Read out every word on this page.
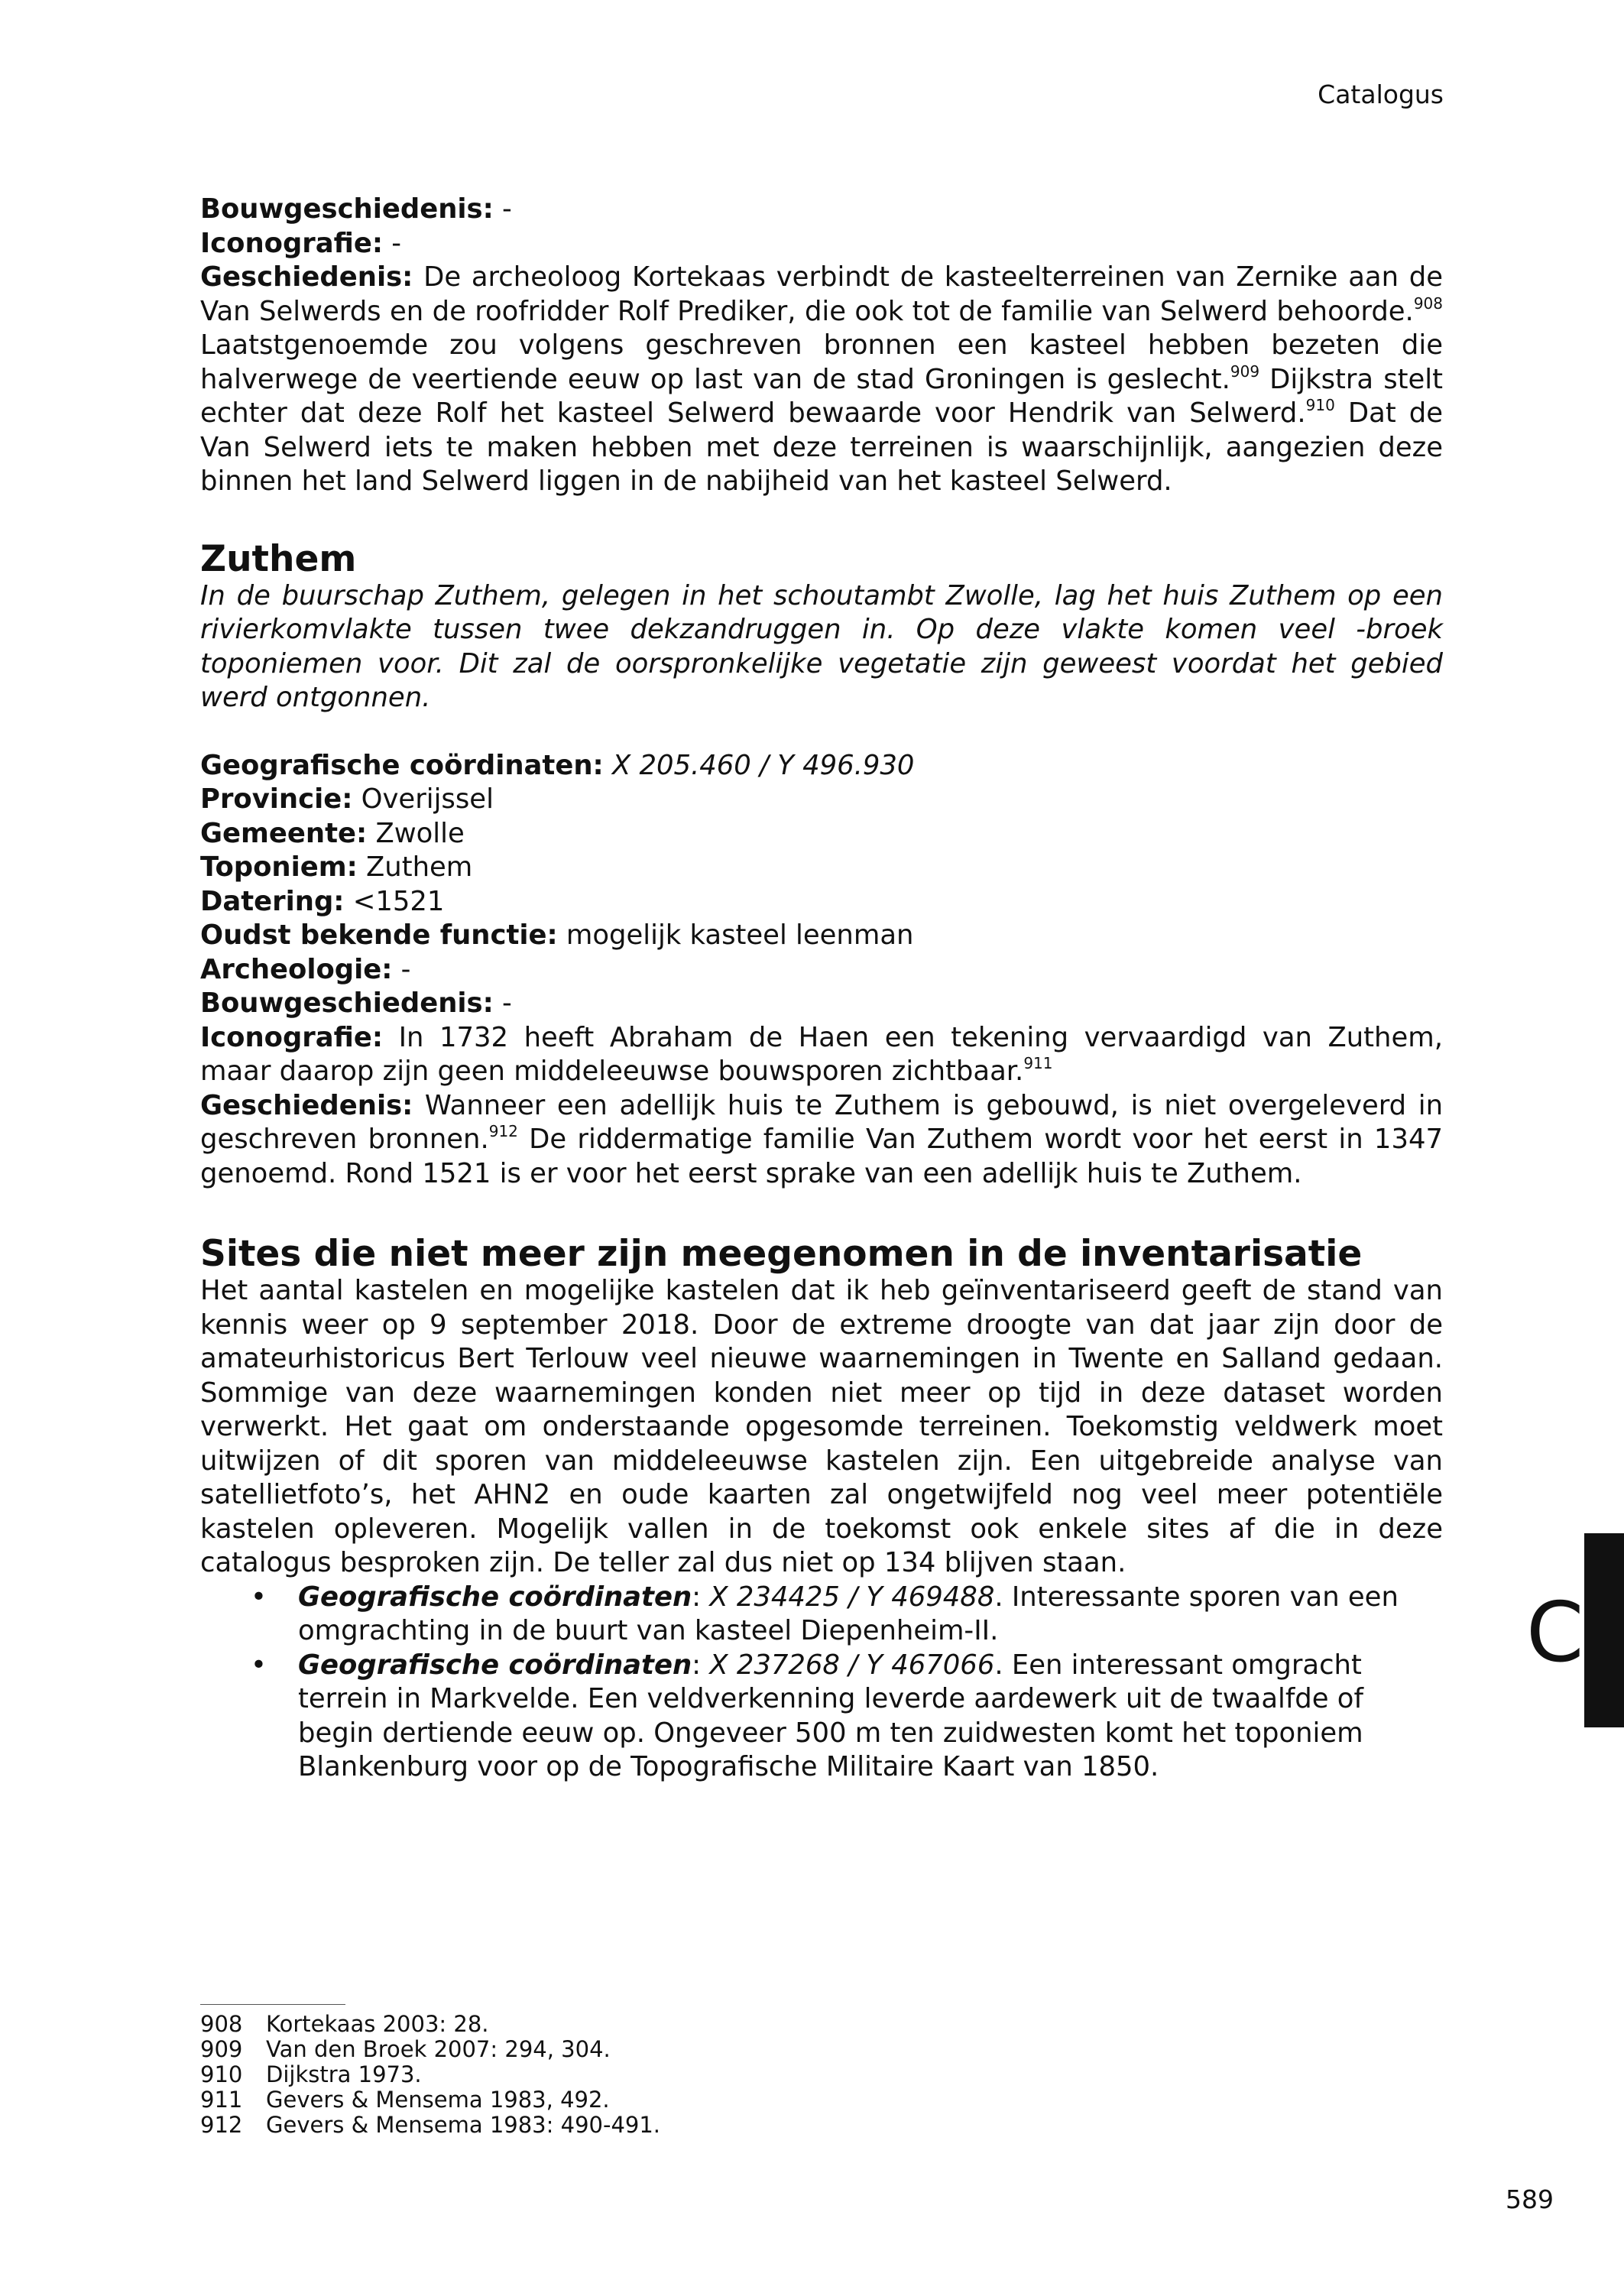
Catalogus

Bouwgeschiedenis: -

Iconografie: -

Geschiedenis: De archeoloog Kortekaas verbindt de kasteelterreinen van Zernike aan de Van Selwerds en de roofridder Rolf Prediker, die ook tot de familie van Selwerd behoorde.$^{908}$ Laatstgenoemde zou volgens geschreven bronnen een kasteel hebben bezeten die halverwege de veertiende eeuw op last van de stad Groningen is geslecht.$^{909}$ Dijkstra stelt echter dat deze Rolf het kasteel Selwerd bewaarde voor Hendrik van Selwerd.$^{910}$ Dat de Van Selwerd iets te maken hebben met deze terreinen is waarschijnlijk, aangezien deze binnen het land Selwerd liggen in de nabijheid van het kasteel Selwerd.

Zuthem

In de buurschap Zuthem, gelegen in het schoutambt Zwolle, lag het huis Zuthem op een rivierkomvlakte tussen twee dekzandruggen in. Op deze vlakte komen veel -broek toponiemen voor. Dit zal de oorspronkelijke vegetatie zijn geweest voordat het gebied werd ontgonnen.

Geografische coördinaten: X 205.460 / Y 496.930

Provincie: Overijssel

Gemeente: Zwolle

Toponiem: Zuthem

Datering: <1521

Oudst bekende functie: mogelijk kasteel leenman

Archeologie: -

Bouwgeschiedenis: -

Iconografie: In 1732 heeft Abraham de Haen een tekening vervaardigd van Zuthem, maar daarop zijn geen middeleeuwse bouwsporen zichtbaar.$^{911}$

Geschiedenis: Wanneer een adellijk huis te Zuthem is gebouwd, is niet overgeleverd in geschreven bronnen.$^{912}$ De riddermatige familie Van Zuthem wordt voor het eerst in 1347 genoemd. Rond 1521 is er voor het eerst sprake van een adellijk huis te Zuthem.

Sites die niet meer zijn meegenomen in de inventarisatie

Het aantal kastelen en mogelijke kastelen dat ik heb geïnventariseerd geeft de stand van kennis weer op 9 september 2018. Door de extreme droogte van dat jaar zijn door de amateurhistoricus Bert Terlouw veel nieuwe waarnemingen in Twente en Salland gedaan. Sommige van deze waarnemingen konden niet meer op tijd in deze dataset worden verwerkt. Het gaat om onderstaande opgesomde terreinen. Toekomstig veldwerk moet uitwijzen of dit sporen van middeleeuwse kastelen zijn. Een uitgebreide analyse van satellietfoto’s, het AHN2 en oude kaarten zal ongetwijfeld nog veel meer potentiële kastelen opleveren. Mogelijk vallen in de toekomst ook enkele sites af die in deze catalogus besproken zijn. De teller zal dus niet op 134 blijven staan.

• Geografische coördinaten: X 234425 / Y 469488. Interessante sporen van een omgrachting in de buurt van kasteel Diepenheim-II.
• Geografische coördinaten: X 237268 / Y 467066. Een interessant omgracht terrein in Markvelde. Een veldverkenning leverde aardewerk uit de twaalfde of begin dertiende eeuw op. Ongeveer 500 m ten zuidwesten komt het toponiem Blankenburg voor op de Topografische Militaire Kaart van 1850.
908	Kortekaas 2003: 28.
909	Van den Broek 2007: 294, 304.
910	Dijkstra 1973.
911	Gevers & Mensema 1983, 492.
912	Gevers & Mensema 1983: 490-491.
C
589
